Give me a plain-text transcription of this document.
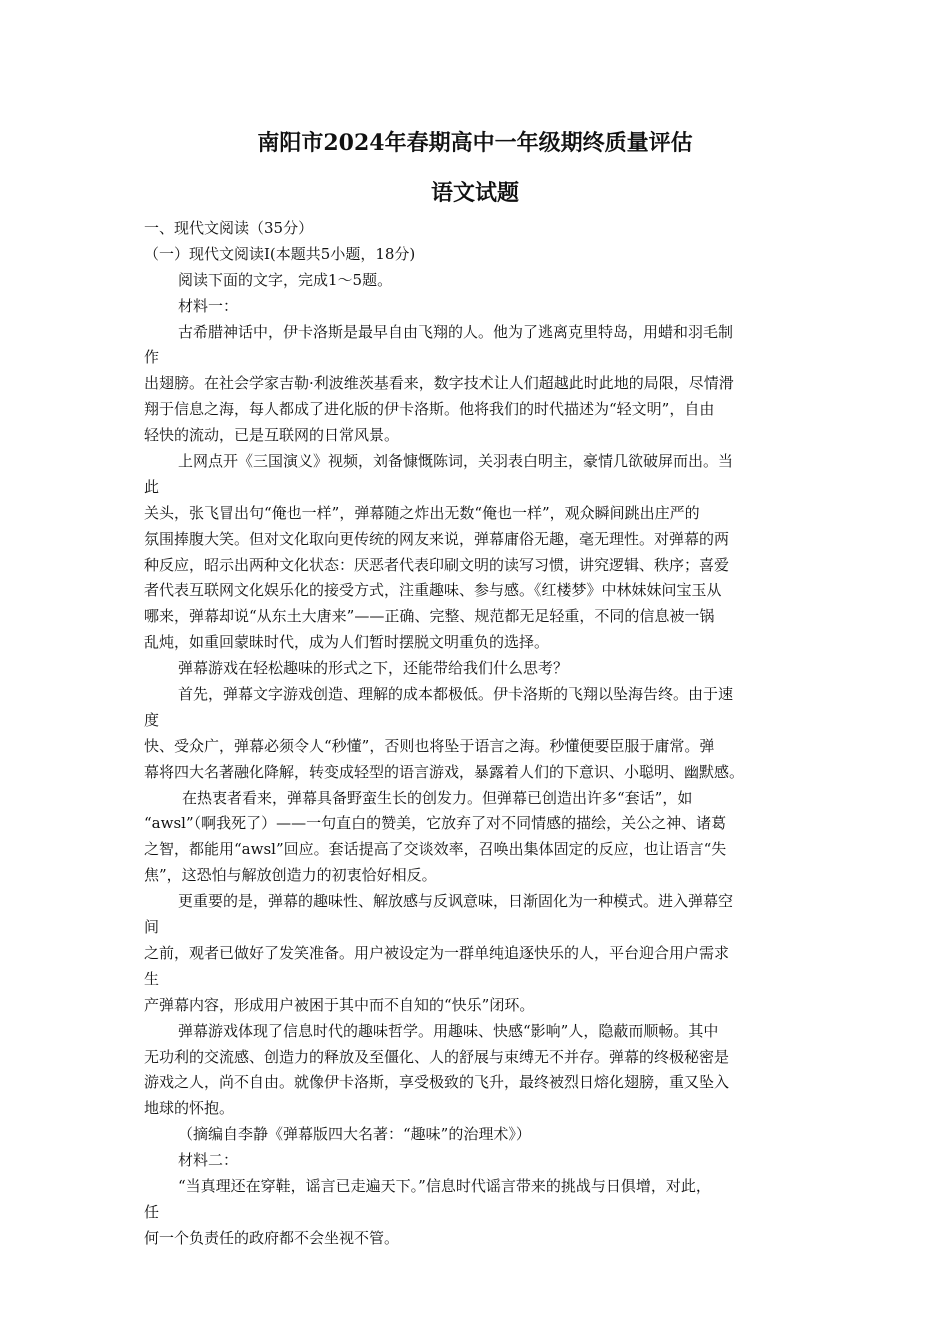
南阳市2024年春期高中一年级期终质量评估
语文试题
一、现代文阅读（35分）
（一）现代文阅读I(本题共5小题，18分)
阅读下面的文字，完成1～5题。
材料一：
古希腊神话中，伊卡洛斯是最早自由飞翔的人。他为了逃离克里特岛，用蜡和羽毛制
作
出翅膀。在社会学家吉勒·利波维茨基看来，数字技术让人们超越此时此地的局限，尽情滑
翔于信息之海，每人都成了进化版的伊卡洛斯。他将我们的时代描述为“轻文明”，自由
轻快的流动，已是互联网的日常风景。
上网点开《三国演义》视频，刘备慷慨陈词，关羽表白明主，豪情几欲破屏而出。当
此
关头，张飞冒出句“俺也一样”，弹幕随之炸出无数“俺也一样”，观众瞬间跳出庄严的
氛围捧腹大笑。但对文化取向更传统的网友来说，弹幕庸俗无趣，毫无理性。对弹幕的两
种反应，昭示出两种文化状态：厌恶者代表印刷文明的读写习惯，讲究逻辑、秩序；喜爱
者代表互联网文化娱乐化的接受方式，注重趣味、参与感。《红楼梦》中林妹妹问宝玉从
哪来，弹幕却说“从东土大唐来”——正确、完整、规范都无足轻重，不同的信息被一锅
乱炖，如重回蒙昧时代，成为人们暂时摆脱文明重负的选择。
弹幕游戏在轻松趣味的形式之下，还能带给我们什么思考？
首先，弹幕文字游戏创造、理解的成本都极低。伊卡洛斯的飞翔以坠海告终。由于速
度
快、受众广，弹幕必须令人“秒懂”，否则也将坠于语言之海。秒懂便要臣服于庸常。弹
幕将四大名著融化降解，转变成轻型的语言游戏，暴露着人们的下意识、小聪明、幽默感。
在热衷者看来，弹幕具备野蛮生长的创发力。但弹幕已创造出许多“套话”，如
“awsl”（啊我死了）——一句直白的赞美，它放弃了对不同情感的描绘，关公之神、诸葛
之智，都能用“awsl”回应。套话提高了交谈效率，召唤出集体固定的反应，也让语言“失
焦”，这恐怕与解放创造力的初衷恰好相反。
更重要的是，弹幕的趣味性、解放感与反讽意味，日渐固化为一种模式。进入弹幕空
间
之前，观者已做好了发笑准备。用户被设定为一群单纯追逐快乐的人，平台迎合用户需求
生
产弹幕内容，形成用户被困于其中而不自知的“快乐”闭环。
弹幕游戏体现了信息时代的趣味哲学。用趣味、快感“影响”人，隐蔽而顺畅。其中
无功利的交流感、创造力的释放及至僵化、人的舒展与束缚无不并存。弹幕的终极秘密是
游戏之人，尚不自由。就像伊卡洛斯，享受极致的飞升，最终被烈日熔化翅膀，重又坠入
地球的怀抱。
（摘编自李静《弹幕版四大名著：“趣味”的治理术》）
材料二：
“当真理还在穿鞋，谣言已走遍天下。”信息时代谣言带来的挑战与日俱增，对此，
任
何一个负责任的政府都不会坐视不管。
